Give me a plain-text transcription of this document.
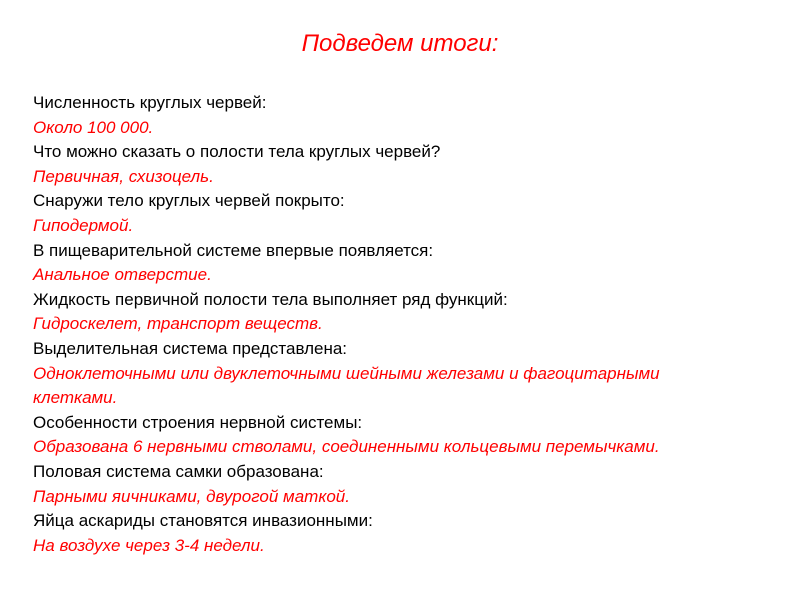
Подведем итоги:
Численность круглых червей:
Около 100 000.
Что можно сказать о полости тела круглых червей?
Первичная, схизоцель.
Снаружи тело круглых червей покрыто:
Гиподермой.
В пищеварительной системе впервые появляется:
Анальное отверстие.
Жидкость первичной полости тела выполняет ряд функций:
Гидроскелет, транспорт веществ.
Выделительная система представлена:
Одноклеточными или двуклеточными шейными железами и фагоцитарными
клетками.
Особенности строения нервной системы:
Образована 6 нервными стволами, соединенными кольцевыми перемычками.
Половая система самки образована:
Парными яичниками, двурогой маткой.
Яйца аскариды становятся инвазионными:
На воздухе через 3-4 недели.
